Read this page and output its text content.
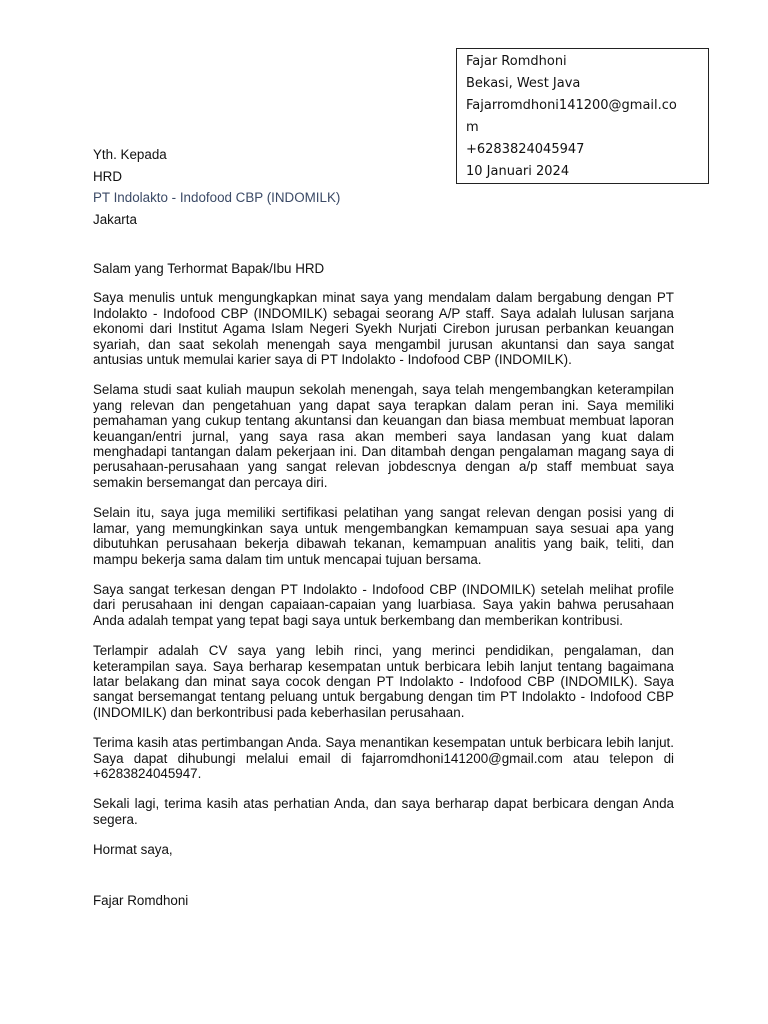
Fajar Romdhoni
Bekasi, West Java
Fajarromdhoni141200@gmail.co
m
+6283824045947
10 Januari 2024
Yth. Kepada
HRD
PT Indolakto - Indofood CBP (INDOMILK)
Jakarta

Salam yang Terhormat Bapak/Ibu HRD

Saya menulis untuk mengungkapkan minat saya yang mendalam dalam bergabung dengan PT Indolakto - Indofood CBP (INDOMILK) sebagai seorang A/P staff. Saya adalah lulusan sarjana ekonomi dari Institut Agama Islam Negeri Syekh Nurjati Cirebon jurusan perbankan keuangan syariah, dan saat sekolah menengah saya mengambil jurusan akuntansi dan saya sangat antusias untuk memulai karier saya di PT Indolakto - Indofood CBP (INDOMILK).

Selama studi saat kuliah maupun sekolah menengah, saya telah mengembangkan keterampilan yang relevan dan pengetahuan yang dapat saya terapkan dalam peran ini. Saya memiliki pemahaman yang cukup tentang akuntansi dan keuangan dan biasa membuat membuat laporan keuangan/entri jurnal, yang saya rasa akan memberi saya landasan yang kuat dalam menghadapi tantangan dalam pekerjaan ini. Dan ditambah dengan pengalaman magang saya di perusahaan-perusahaan yang sangat relevan jobdescnya dengan a/p staff membuat saya semakin bersemangat dan percaya diri.

Selain itu, saya juga memiliki sertifikasi pelatihan yang sangat relevan dengan posisi yang di lamar, yang memungkinkan saya untuk mengembangkan kemampuan saya sesuai apa yang dibutuhkan perusahaan bekerja dibawah tekanan, kemampuan analitis yang baik, teliti, dan mampu bekerja sama dalam tim untuk mencapai tujuan bersama.

Saya sangat terkesan dengan PT Indolakto - Indofood CBP (INDOMILK) setelah melihat profile dari perusahaan ini dengan capaiaan-capaian yang luarbiasa. Saya yakin bahwa perusahaan Anda adalah tempat yang tepat bagi saya untuk berkembang dan memberikan kontribusi.

Terlampir adalah CV saya yang lebih rinci, yang merinci pendidikan, pengalaman, dan keterampilan saya. Saya berharap kesempatan untuk berbicara lebih lanjut tentang bagaimana latar belakang dan minat saya cocok dengan PT Indolakto - Indofood CBP (INDOMILK). Saya sangat bersemangat tentang peluang untuk bergabung dengan tim PT Indolakto - Indofood CBP (INDOMILK) dan berkontribusi pada keberhasilan perusahaan.

Terima kasih atas pertimbangan Anda. Saya menantikan kesempatan untuk berbicara lebih lanjut. Saya dapat dihubungi melalui email di fajarromdhoni141200@gmail.com atau telepon di +6283824045947.

Sekali lagi, terima kasih atas perhatian Anda, dan saya berharap dapat berbicara dengan Anda segera.

Hormat saya,

Fajar Romdhoni
